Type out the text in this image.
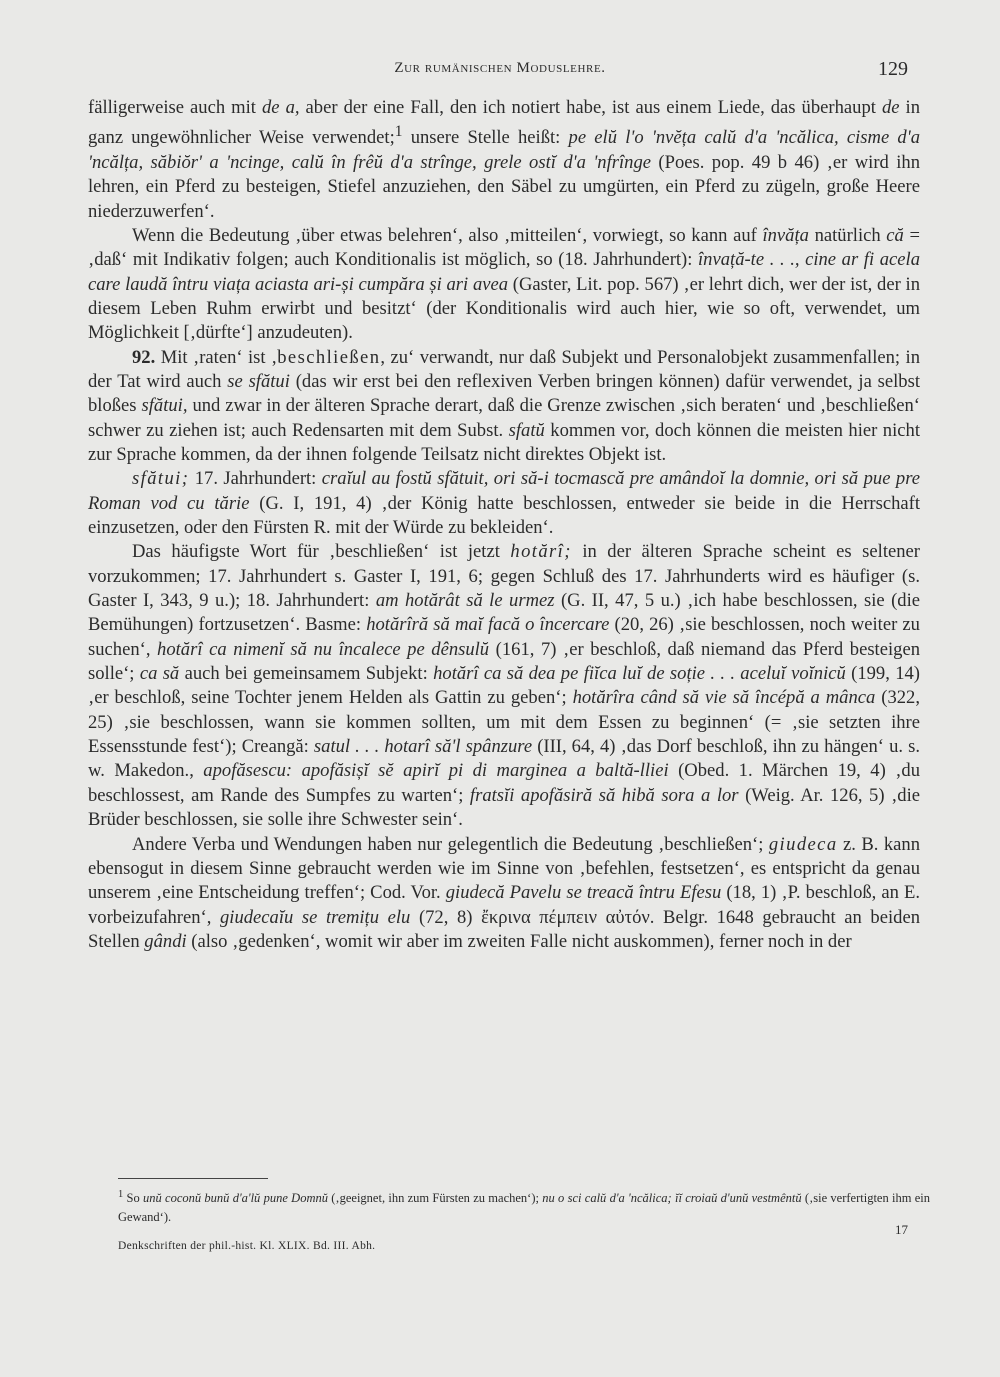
Zur rumänischen Moduslehre.	129

fälligerweise auch mit de a, aber der eine Fall, den ich notiert habe, ist aus einem Liede, das überhaupt de in ganz ungewöhnlicher Weise verwendet;$^1$ unsere Stelle heißt: pe elŭ l'o 'nvĕța calŭ d'a 'ncălica, cisme d'a 'ncălța, săbiŏr' a 'ncinge, calŭ în frêŭ d'a strînge, grele ostĭ d'a 'nfrînge (Poes. pop. 49 b 46) ‚er wird ihn lehren, ein Pferd zu besteigen, Stiefel anzuziehen, den Säbel zu umgürten, ein Pferd zu zügeln, große Heere niederzuwerfen‘.

Wenn die Bedeutung ‚über etwas belehren‘, also ‚mitteilen‘, vorwiegt, so kann auf învăța natürlich că = ‚daß‘ mit Indikativ folgen; auch Konditionalis ist möglich, so (18. Jahrhundert): învață-te . . ., cine ar fi acela care laudă întru viața aciasta ari-și cumpăra și ari avea (Gaster, Lit. pop. 567) ‚er lehrt dich, wer der ist, der in diesem Leben Ruhm erwirbt und besitzt‘ (der Konditionalis wird auch hier, wie so oft, verwendet, um Möglichkeit [‚dürfte‘] anzudeuten).

92. Mit ‚raten‘ ist ‚beschließen, zu‘ verwandt, nur daß Subjekt und Personalobjekt zusammenfallen; in der Tat wird auch se sfătui (das wir erst bei den reflexiven Verben bringen können) dafür verwendet, ja selbst bloßes sfătui, und zwar in der älteren Sprache derart, daß die Grenze zwischen ‚sich beraten‘ und ‚beschließen‘ schwer zu ziehen ist; auch Redensarten mit dem Subst. sfatŭ kommen vor, doch können die meisten hier nicht zur Sprache kommen, da der ihnen folgende Teilsatz nicht direktes Objekt ist.

sfătui; 17. Jahrhundert: craĭul au fostŭ sfătuit, ori să-i tocmască pre amândoĭ la domnie, ori să pue pre Roman vod cu tărie (G. I, 191, 4) ‚der König hatte beschlossen, entweder sie beide in die Herrschaft einzusetzen, oder den Fürsten R. mit der Würde zu bekleiden‘.

Das häufigste Wort für ‚beschließen‘ ist jetzt hotărî; in der älteren Sprache scheint es seltener vorzukommen; 17. Jahrhundert s. Gaster I, 191, 6; gegen Schluß des 17. Jahrhunderts wird es häufiger (s. Gaster I, 343, 9 u.); 18. Jahrhundert: am hotărât să le urmez (G. II, 47, 5 u.) ‚ich habe beschlossen, sie (die Bemühungen) fortzusetzen‘. Basme: hotărîră să maĭ facă o încercare (20, 26) ‚sie beschlossen, noch weiter zu suchen‘, hotărî ca nimenĭ să nu încalece pe dênsulŭ (161, 7) ‚er beschloß, daß niemand das Pferd besteigen solle‘; ca să auch bei gemeinsamem Subjekt: hotărî ca să dea pe fiĭca luĭ de soție . . . aceluĭ voĭnicŭ (199, 14) ‚er beschloß, seine Tochter jenem Helden als Gattin zu geben‘; hotărîra când să vie să încépă a mânca (322, 25) ‚sie beschlossen, wann sie kommen sollten, um mit dem Essen zu beginnen‘ (= ‚sie setzten ihre Essensstunde fest‘); Creangă: satul . . . hotarî să'l spânzure (III, 64, 4) ‚das Dorf beschloß, ihn zu hängen‘ u. s. w. Makedon., apofăsescu: apofăsișĭ sĕ apirĭ pi di marginea a baltă-lliei (Obed. 1. Märchen 19, 4) ‚du beschlossest, am Rande des Sumpfes zu warten‘; fratsĭi apofăsiră să hibă sora a lor (Weig. Ar. 126, 5) ‚die Brüder beschlossen, sie solle ihre Schwester sein‘.

Andere Verba und Wendungen haben nur gelegentlich die Bedeutung ‚beschließen‘; giudeca z. B. kann ebensogut in diesem Sinne gebraucht werden wie im Sinne von ‚befehlen, festsetzen‘, es entspricht da genau unserem ‚eine Entscheidung treffen‘; Cod. Vor. giudecă Pavelu se treacă întru Efesu (18, 1) ‚P. beschloß, an E. vorbeizufahren‘, giudecaĭu se tremițu elu (72, 8) ἔκρινα πέμπειν αὐτόν. Belgr. 1648 gebraucht an beiden Stellen gândi (also ‚gedenken‘, womit wir aber im zweiten Falle nicht auskommen), ferner noch in der

$^1$ So unŭ coconŭ bunŭ d'a'lŭ pune Domnŭ (‚geeignet, ihn zum Fürsten zu machen‘); nu o sci calŭ d'a 'ncălica; ĭĭ croiaŭ d'unŭ vestmêntŭ (‚sie verfertigten ihm ein Gewand‘).
17
Denkschriften der phil.-hist. Kl. XLIX. Bd. III. Abh.
